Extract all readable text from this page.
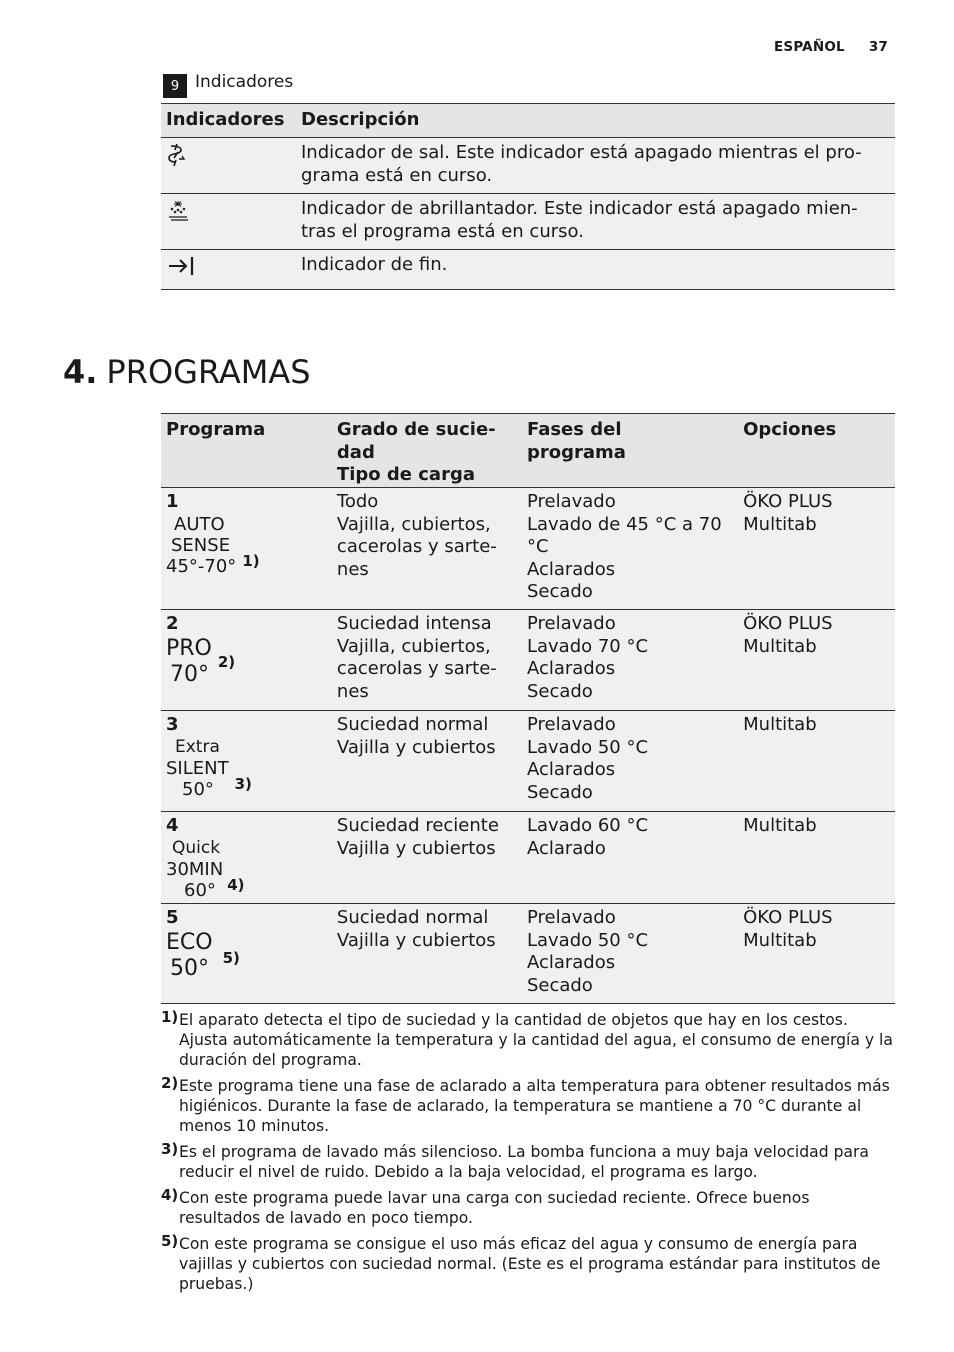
ESPAÑOL 37
9 Indicadores
Indicadores	Descripción
	Indicador de sal. Este indicador está apagado mientras el pro-
grama está en curso.
	Indicador de abrillantador. Este indicador está apagado mien-
tras el programa está en curso.
	Indicador de fin.
4. PROGRAMAS
Programa	Grado de sucie-
dad
Tipo de carga	Fases del
programa	Opciones

1
AUTO
SENSE
45°-70° 1)	Todo
Vajilla, cubiertos,
cacerolas y sarte-
nes	Prelavado
Lavado de 45 °C a 70
°C
Aclarados
Secado	ÖKO PLUS
Multitab

2
PRO
70° 2)	Suciedad intensa
Vajilla, cubiertos,
cacerolas y sarte-
nes	Prelavado
Lavado 70 °C
Aclarados
Secado	ÖKO PLUS
Multitab

3
Extra
SILENT
50° 3)	Suciedad normal
Vajilla y cubiertos	Prelavado
Lavado 50 °C
Aclarados
Secado	Multitab

4
Quick
30MIN
60° 4)	Suciedad reciente
Vajilla y cubiertos	Lavado 60 °C
Aclarado	Multitab

5
ECO
50° 5)	Suciedad normal
Vajilla y cubiertos	Prelavado
Lavado 50 °C
Aclarados
Secado	ÖKO PLUS
Multitab
1) El aparato detecta el tipo de suciedad y la cantidad de objetos que hay en los cestos. Ajusta automáticamente la temperatura y la cantidad del agua, el consumo de energía y la duración del programa.
2) Este programa tiene una fase de aclarado a alta temperatura para obtener resultados más higiénicos. Durante la fase de aclarado, la temperatura se mantiene a 70 °C durante al menos 10 minutos.
3) Es el programa de lavado más silencioso. La bomba funciona a muy baja velocidad para reducir el nivel de ruido. Debido a la baja velocidad, el programa es largo.
4) Con este programa puede lavar una carga con suciedad reciente. Ofrece buenos resultados de lavado en poco tiempo.
5) Con este programa se consigue el uso más eficaz del agua y consumo de energía para vajillas y cubiertos con suciedad normal. (Este es el programa estándar para institutos de pruebas.)
